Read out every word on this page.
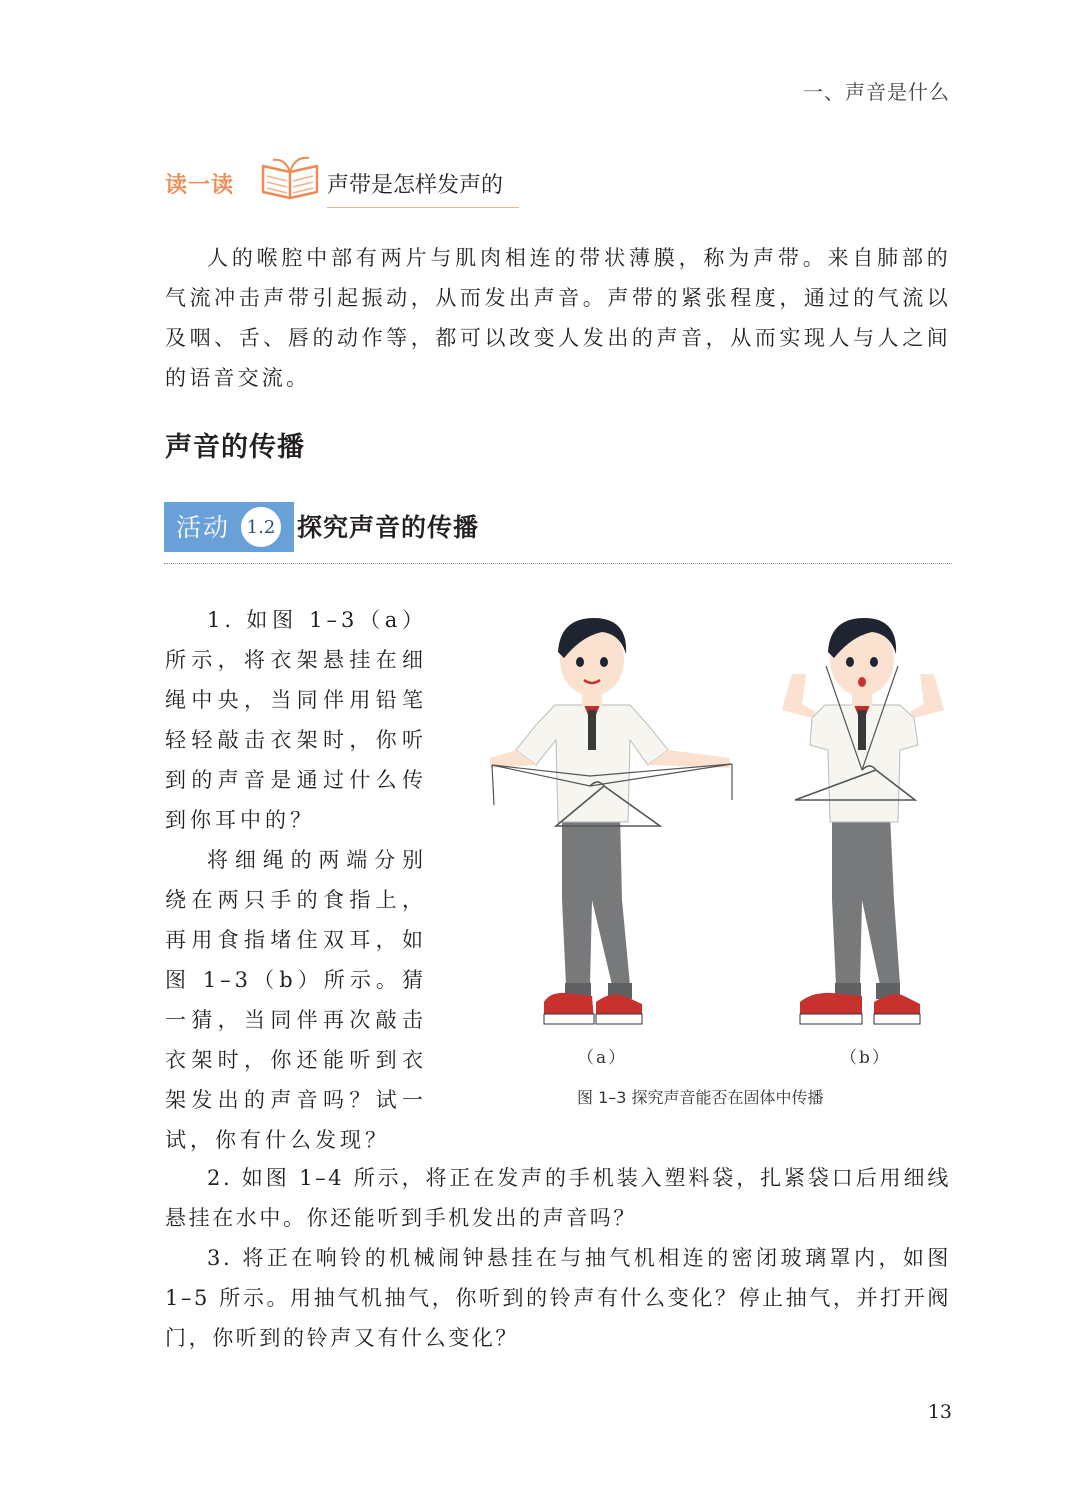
一、声音是什么
读一读	声带是怎样发声的

人的喉腔中部有两片与肌肉相连的带状薄膜，称为声带。来自肺部的气流冲击声带引起振动，从而发出声音。声带的紧张程度，通过的气流以及咽、舌、唇的动作等，都可以改变人发出的声音，从而实现人与人之间的语音交流。

声音的传播
活动 1.2 探究声音的传播

1. 如图 1–3（a）所示，将衣架悬挂在细绳中央，当同伴用铅笔轻轻敲击衣架时，你听到的声音是通过什么传到你耳中的？

将细绳的两端分别绕在两只手的食指上，再用食指堵住双耳，如图 1–3（b）所示。猜一猜，当同伴再次敲击衣架时，你还能听到衣架发出的声音吗？试一试，你有什么发现？

（a）	（b）
图 1–3 探究声音能否在固体中传播

2. 如图 1–4 所示，将正在发声的手机装入塑料袋，扎紧袋口后用细线悬挂在水中。你还能听到手机发出的声音吗？

3. 将正在响铃的机械闹钟悬挂在与抽气机相连的密闭玻璃罩内，如图 1–5 所示。用抽气机抽气，你听到的铃声有什么变化？停止抽气，并打开阀门，你听到的铃声又有什么变化？

13
